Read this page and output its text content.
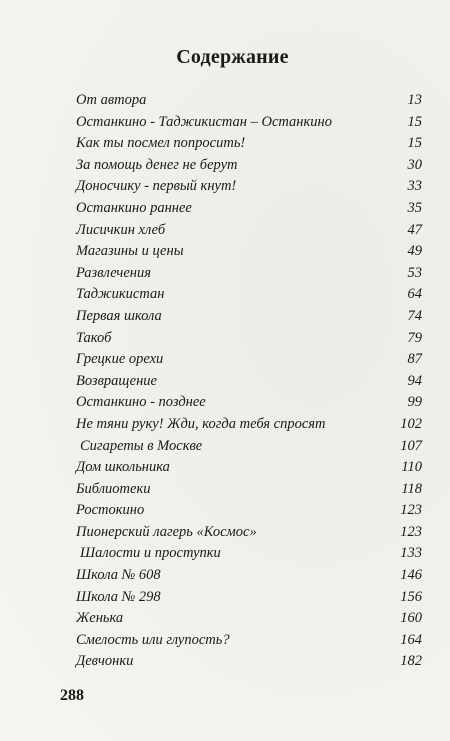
Содержание
От автора	13
Останкино - Таджикистан – Останкино	15
Как ты посмел попросить!	15
За помощь денег не берут	30
Доносчику - первый кнут!	33
Останкино раннее	35
Лисичкин хлеб	47
Магазины и цены	49
Развлечения	53
Таджикистан	64
Первая школа	74
Такоб	79
Грецкие орехи	87
Возвращение	94
Останкино - позднее	99
Не тяни руку! Жди, когда тебя спросят	102
Сигареты в Москве	107
Дом школьника	110
Библиотеки	118
Ростокино	123
Пионерский лагерь «Космос»	123
Шалости и проступки	133
Школа № 608	146
Школа № 298	156
Женька	160
Смелость или глупость?	164
Девчонки	182
288
